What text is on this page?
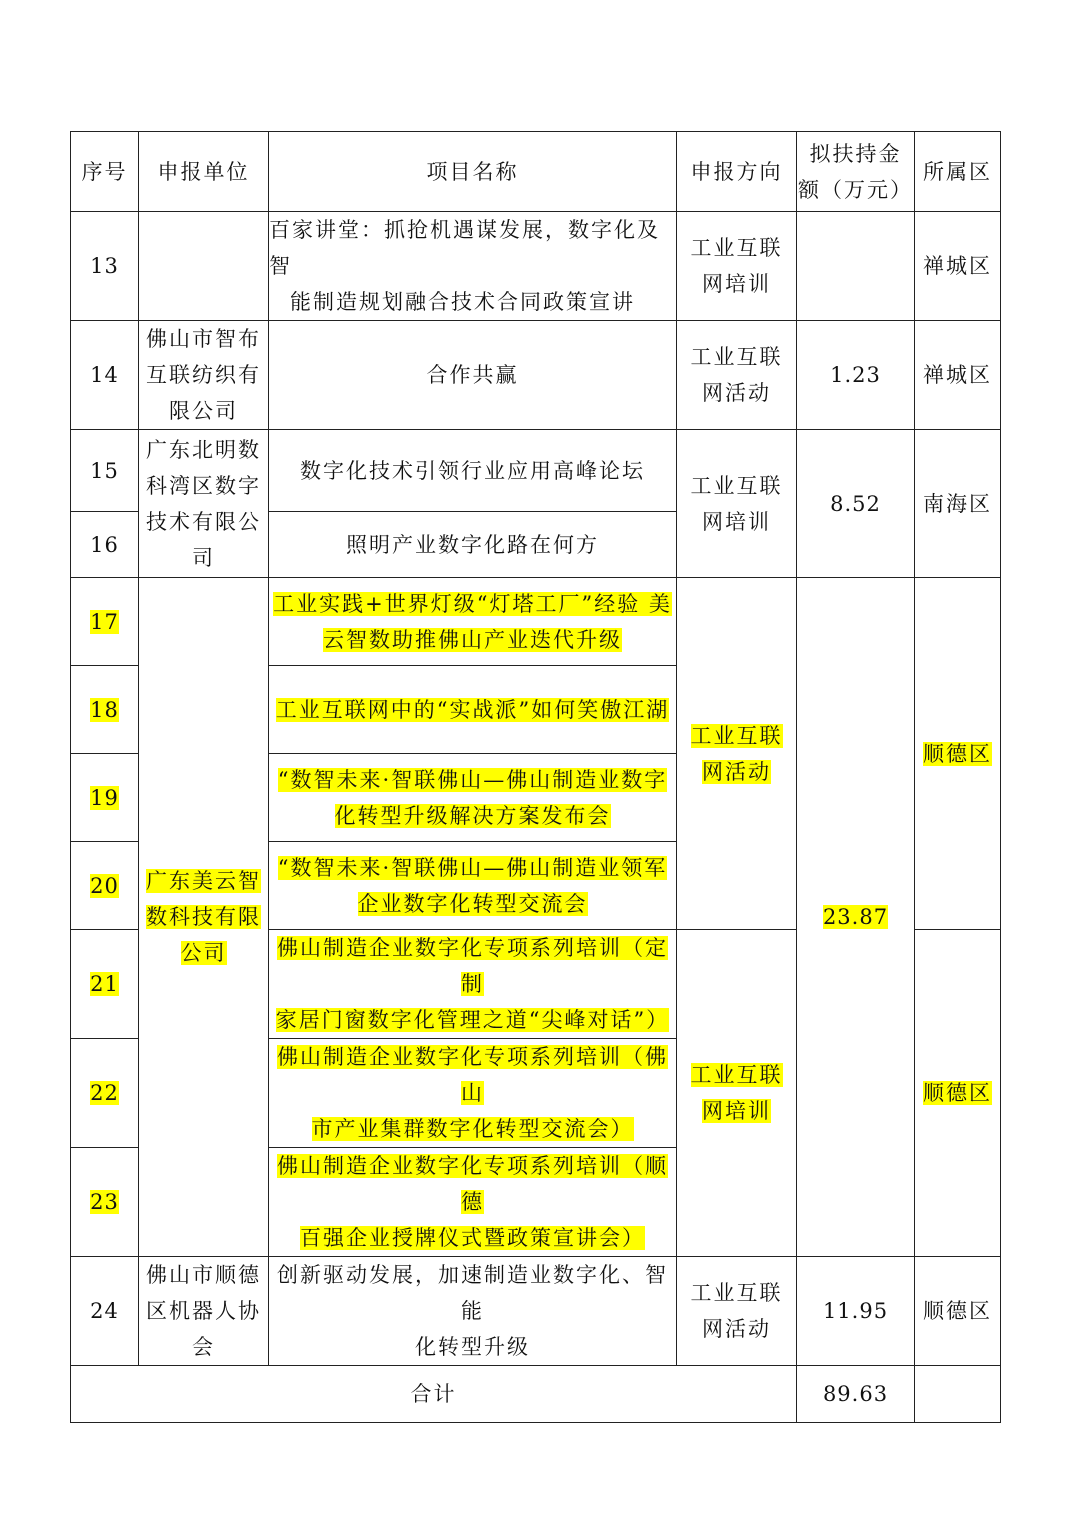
序号	申报单位	项目名称	申报方向	拟扶持金
额（万元）	所属区
13		百家讲堂：抓抢机遇谋发展，数字化及智
能制造规划融合技术合同政策宣讲	工业互联
网培训		禅城区
14	佛山市智布
互联纺织有
限公司	合作共赢	工业互联
网活动	1.23	禅城区
15	广东北明数
科湾区数字
技术有限公
司	数字化技术引领行业应用高峰论坛	工业互联
网培训	8.52	南海区
16		照明产业数字化路在何方			
17	广东美云智
数科技有限
公司	工业实践+世界灯级“灯塔工厂”经验 美
云智数助推佛山产业迭代升级	工业互联
网活动	23.87	顺德区
18		工业互联网中的“实战派”如何笑傲江湖			
19		“数智未来·智联佛山—佛山制造业数字
化转型升级解决方案发布会			
20		“数智未来·智联佛山—佛山制造业领军
企业数字化转型交流会			
21		佛山制造企业数字化专项系列培训（定制
家居门窗数字化管理之道“尖峰对话”）	工业互联
网培训		顺德区
22		佛山制造企业数字化专项系列培训（佛山
市产业集群数字化转型交流会）			
23		佛山制造企业数字化专项系列培训（顺德
百强企业授牌仪式暨政策宣讲会）			
24	佛山市顺德
区机器人协
会	创新驱动发展，加速制造业数字化、智能
化转型升级	工业互联
网活动	11.95	顺德区
合计				89.63	
